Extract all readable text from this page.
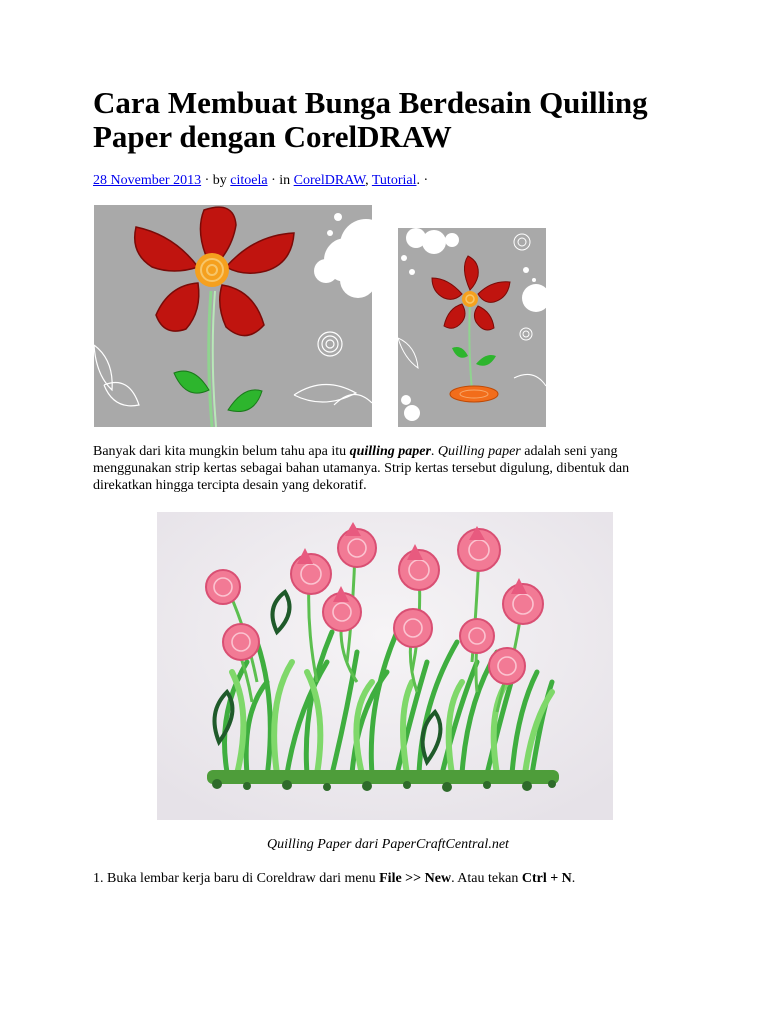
Cara Membuat Bunga Berdesain Quilling Paper dengan CorelDRAW
28 November 2013 · by citoela · in CorelDRAW, Tutorial. ·

Banyak dari kita mungkin belum tahu apa itu quilling paper. Quilling paper adalah seni yang menggunakan strip kertas sebagai bahan utamanya. Strip kertas tersebut digulung, dibentuk dan direkatkan hingga tercipta desain yang dekoratif.

Quilling Paper dari PaperCraftCentral.net

1. Buka lembar kerja baru di Coreldraw dari menu File >> New. Atau tekan Ctrl + N.
